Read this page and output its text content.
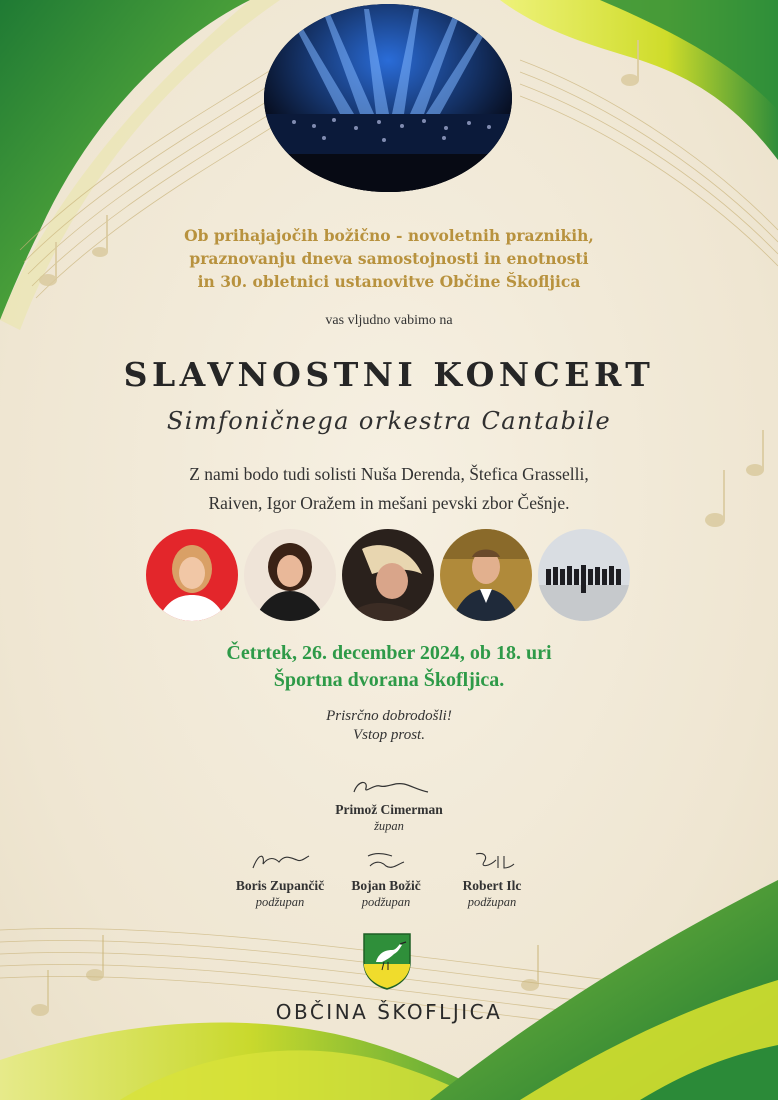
Ob prihajajočih božično - novoletnih praznikih,
praznovanju dneva samostojnosti in enotnosti
in 30. obletnici ustanovitve Občine Škofljica
vas vljudno vabimo na
SLAVNOSTNI KONCERT
Simfoničnega orkestra Cantabile
Z nami bodo tudi solisti Nuša Derenda, Štefica Grasselli,
Raiven, Igor Oražem in mešani pevski zbor Češnje.
Četrtek, 26. december 2024, ob 18. uri
Športna dvorana Škofljica.
Prisrčno dobrodošli!
Vstop prost.
Primož Cimerman
župan
Boris Zupančič
podžupan
Bojan Božič
podžupan
Robert Ilc
podžupan
OBČINA ŠKOFLJICA
